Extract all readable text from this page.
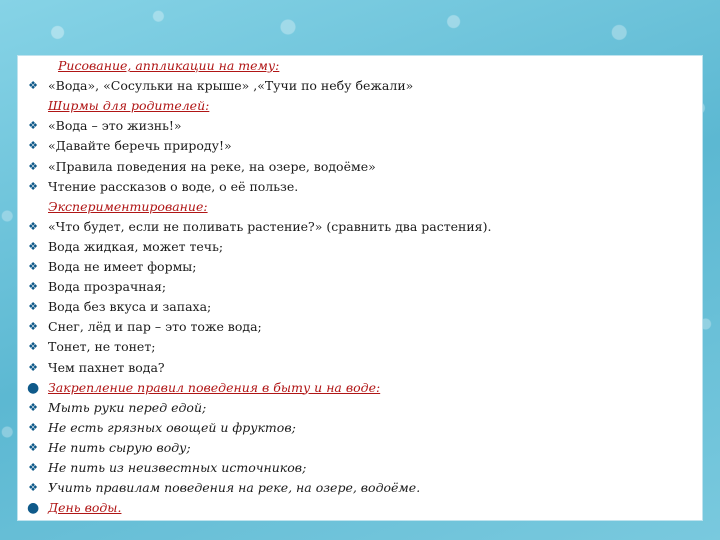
Рисование, аппликации на тему:
❖ «Вода», «Сосульки на крыше» ,«Тучи по небу бежали»
Ширмы для родителей:
❖ «Вода – это жизнь!»
❖ «Давайте беречь природу!»
❖ «Правила поведения на реке, на озере, водоёме»
❖ Чтение рассказов о воде, о её пользе.
Экспериментирование:
❖ «Что будет, если не поливать растение?» (сравнить два растения).
❖ Вода жидкая, может течь;
❖ Вода не имеет формы;
❖ Вода прозрачная;
❖ Вода без вкуса и запаха;
❖ Снег, лёд и пар – это тоже вода;
❖ Тонет, не тонет;
❖ Чем пахнет вода?
● Закрепление правил поведения в быту и на воде:
❖ Мыть руки перед едой;
❖ Не есть грязных овощей и фруктов;
❖ Не пить сырую воду;
❖ Не пить из неизвестных источников;
❖ Учить правилам поведения на реке, на озере, водоёме.
● День воды.
